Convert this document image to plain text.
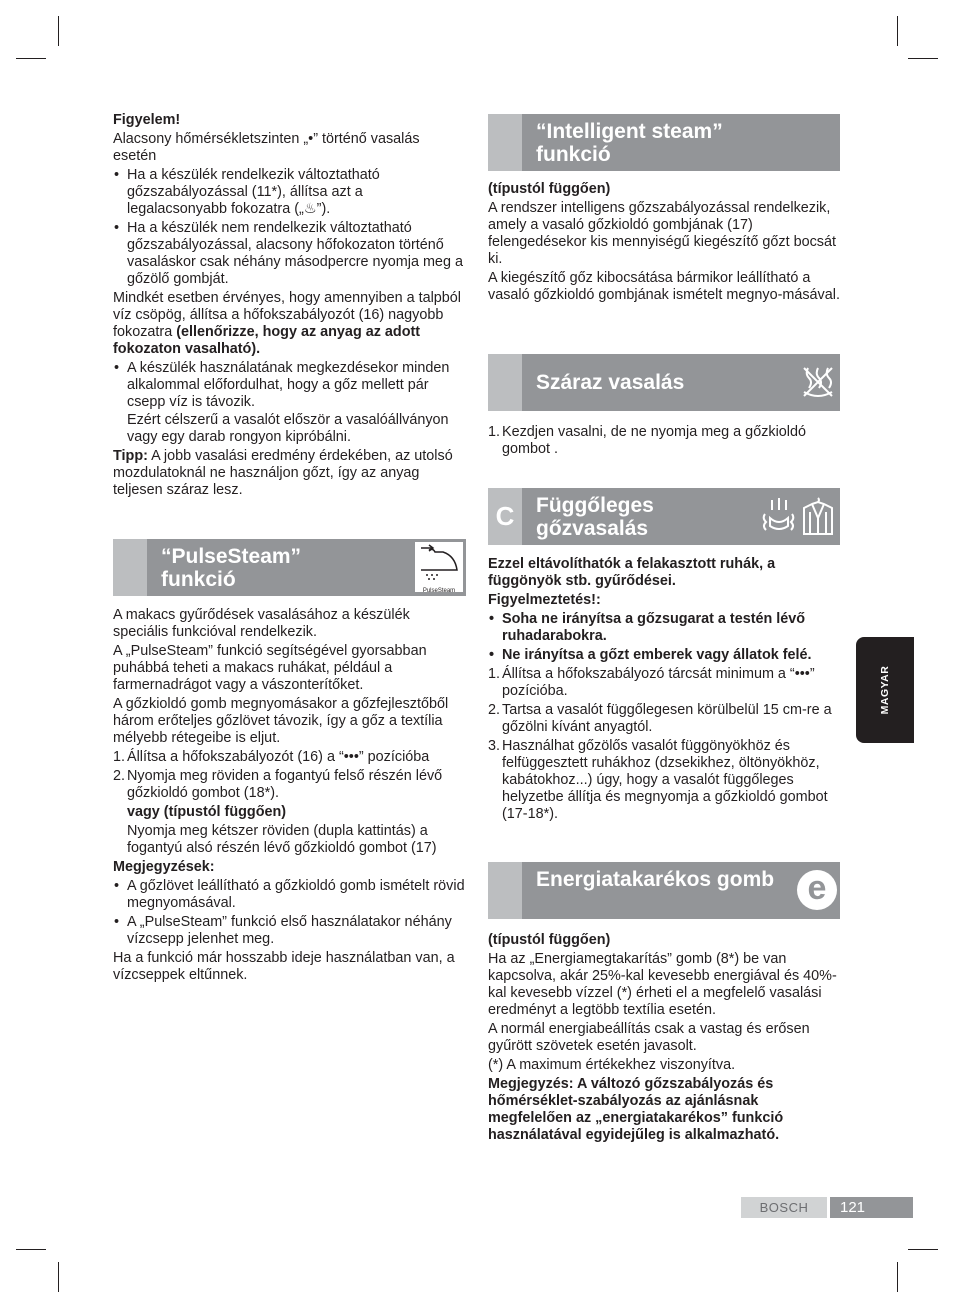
Figyelem!

Alacsony hőmérsékletszinten „•” történő vasalás esetén

• Ha a készülék rendelkezik változtatható gőzszabályozással (11*), állítsa azt a legalacsonyabb fokozatra („♨”).
• Ha a készülék nem rendelkezik változtatható gőzszabályozással, alacsony hőfokozaton történő vasaláskor csak néhány másodpercre nyomja meg a gőzölő gombját.

Mindkét esetben érvényes, hogy amennyiben a talpból víz csöpög, állítsa a hőfokszabályozót (16) nagyobb fokozatra (ellenőrizze, hogy az anyag az adott fokozaton vasalható).

• A készülék használatának megkezdésekor minden alkalommal előfordulhat, hogy a gőz mellett pár csepp víz is távozik.
Ezért célszerű a vasalót először a vasalóállványon vagy egy darab rongyon kipróbálni.

Tipp: A jobb vasalási eredmény érdekében, az utolsó mozdulatoknál ne használjon gőzt, így az anyag teljesen száraz lesz.

“PulseSteam” funkció	PulseSteam

A makacs gyűrődések vasalásához a készülék speciális funkcióval rendelkezik.

A „PulseSteam” funkció segítségével gyorsabban puhábbá teheti a makacs ruhákat, például a farmernadrágot vagy a vászonterítőket.

A gőzkioldó gomb megnyomásakor a gőzfejlesztőből három erőteljes gőzlövet távozik, így a gőz a textília mélyebb rétegeibe is eljut.

1. Állítsa a hőfokszabályozót (16) a “•••” pozícióba
2. Nyomja meg röviden a fogantyú felső részén lévő gőzkioldó gombot (18*).
vagy (típustól függően)
Nyomja meg kétszer röviden (dupla kattintás) a fogantyú alsó részén lévő gőzkioldó gombot (17)

Megjegyzések:

• A gőzlövet leállítható a gőzkioldó gomb ismételt rövid megnyomásával.
• A „PulseSteam” funkció első használatakor néhány vízcsepp jelenhet meg.

Ha a funkció már hosszabb ideje használatban van, a vízcseppek eltűnnek.

“Intelligent steam” funkció

(típustól függően)

A rendszer intelligens gőzszabályozással rendelkezik, amely a vasaló gőzkioldó gombjának (17) felengedésekor kis mennyiségű kiegészítő gőzt bocsát ki.

A kiegészítő gőz kibocsátása bármikor leállítható a vasaló gőzkioldó gombjának ismételt megnyo-másával.

Száraz vasalás
1. Kezdjen vasalni, de ne nyomja meg a gőzkioldó gombot .
C Függőleges gőzvasalás

Ezzel eltávolíthatók a felakasztott ruhák, a függönyök stb. gyűrődései.

Figyelmeztetés!:

• Soha ne irányítsa a gőzsugarat a testén lévő ruhadarabokra.
• Ne irányítsa a gőzt emberek vagy állatok felé.
1. Állítsa a hőfokszabályozó tárcsát minimum a “•••” pozícióba.
2. Tartsa a vasalót függőlegesen körülbelül 15 cm-re a gőzölni kívánt anyagtól.
3. Használhat gőzölős vasalót függönyökhöz és felfüggesztett ruhákhoz (dzsekikhez, öltönyökhöz, kabátokhoz...) úgy, hogy a vasalót függőleges helyzetbe állítja és megnyomja a gőzkioldó gombot (17-18*).
Energiatakarékos gomb e

(típustól függően)

Ha az „Energiamegtakarítás” gomb (8*) be van kapcsolva, akár 25%-kal kevesebb energiával és 40%-kal kevesebb vízzel (*) érheti el a megfelelő vasalási eredményt a legtöbb textília esetén.

A normál energiabeállítás csak a vastag és erősen gyűrött szövetek esetén javasolt.

(*) A maximum értékekhez viszonyítva.

Megjegyzés: A változó gőzszabályozás és hőmérséklet-szabályozás az ajánlásnak megfelelően az „energiatakarékos” funkció használatával egyidejűleg is alkalmazható.

MAGYAR
BOSCH	121
